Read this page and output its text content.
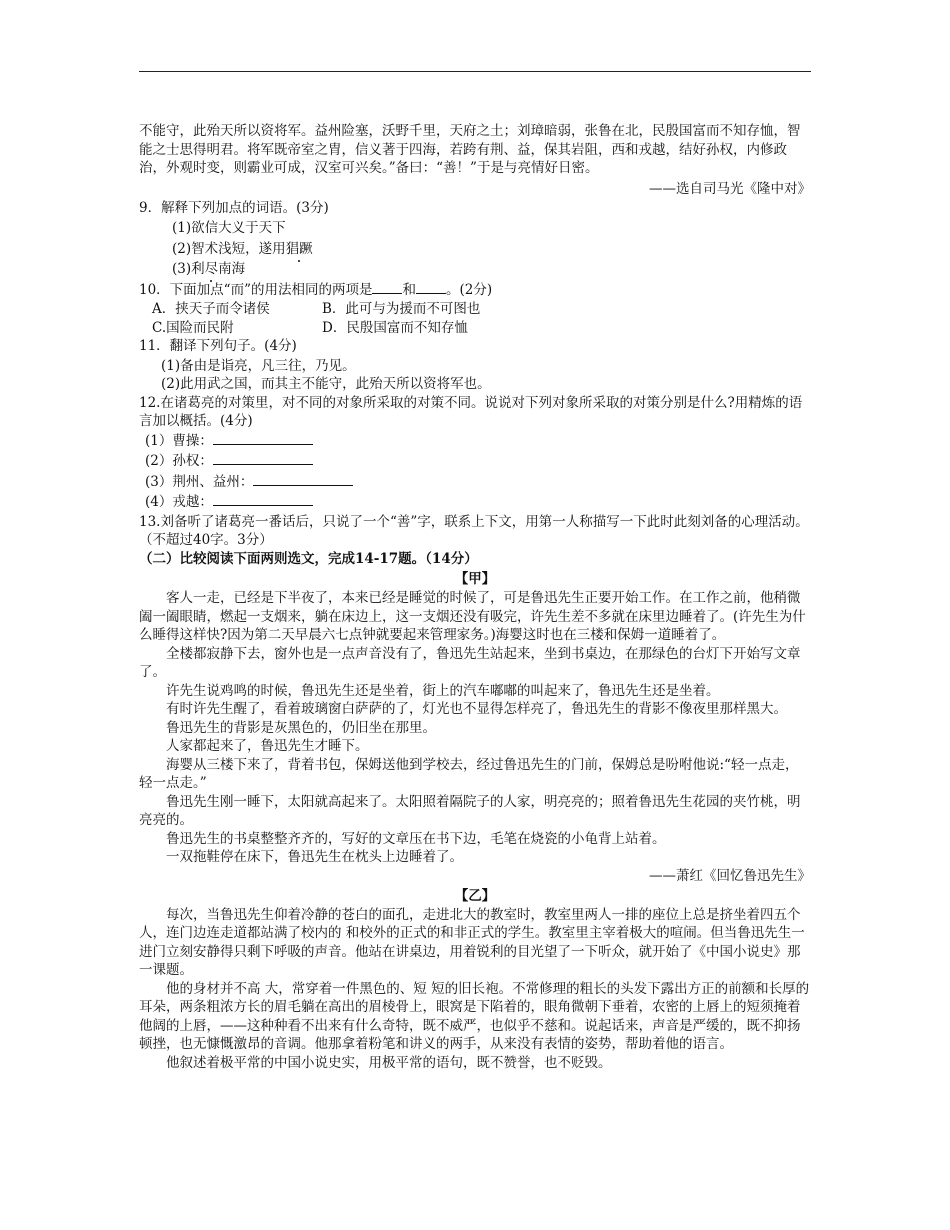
不能守，此殆天所以资将军。益州险塞，沃野千里，天府之土；刘璋暗弱，张鲁在北，民殷国富而不知存恤，智能之士思得明君。将军既帝室之胄，信义著于四海，若跨有荆、益，保其岩阻，西和戎越，结好孙权，内修政治，外观时变，则霸业可成，汉室可兴矣。”备曰：“善！”于是与亮情好日密。

——选自司马光《隆中对》

9．解释下列加点的词语。(3分)

(1)欲信大义于天下

(2)智术浅短，遂用猖蹶

(3)利尽南海

10．下面加点“而”的用法相同的两项是 和 。(2分)

A．挟天子而令诸侯	B．此可与为援而不可图也

C.国险而民附	D．民殷国富而不知存恤

11．翻译下列句子。(4分)

(1)备由是诣亮，凡三往，乃见。

(2)此用武之国，而其主不能守，此殆天所以资将军也。

12.在诸葛亮的对策里，对不同的对象所采取的对策不同。说说对下列对象所采取的对策分别是什么?用精炼的语言加以概括。(4分)

(1）曹操：

(2）孙权：

(3）荆州、益州：

(4）戎越：

13.刘备听了诸葛亮一番话后，只说了一个“善”字，联系上下文，用第一人称描写一下此时此刻刘备的心理活动。（不超过40字。3分）

（二）比较阅读下面两则选文，完成14-17题。（14分）

【甲】

客人一走，已经是下半夜了，本来已经是睡觉的时候了，可是鲁迅先生正要开始工作。在工作之前，他稍微阖一阖眼睛，燃起一支烟来，躺在床边上，这一支烟还没有吸完，许先生差不多就在床里边睡着了。(许先生为什么睡得这样快?因为第二天早晨六七点钟就要起来管理家务。)海婴这时也在三楼和保姆一道睡着了。

全楼都寂静下去，窗外也是一点声音没有了，鲁迅先生站起来，坐到书桌边，在那绿色的台灯下开始写文章了。

许先生说鸡鸣的时候，鲁迅先生还是坐着，街上的汽车嘟嘟的叫起来了，鲁迅先生还是坐着。

有时许先生醒了，看着玻璃窗白萨萨的了，灯光也不显得怎样亮了，鲁迅先生的背影不像夜里那样黑大。

鲁迅先生的背影是灰黑色的，仍旧坐在那里。

人家都起来了，鲁迅先生才睡下。

海婴从三楼下来了，背着书包，保姆送他到学校去，经过鲁迅先生的门前，保姆总是吩咐他说:“轻一点走，轻一点走。”

鲁迅先生刚一睡下，太阳就高起来了。太阳照着隔院子的人家，明亮亮的；照着鲁迅先生花园的夹竹桃，明亮亮的。

鲁迅先生的书桌整整齐齐的，写好的文章压在书下边，毛笔在烧瓷的小龟背上站着。

一双拖鞋停在床下，鲁迅先生在枕头上边睡着了。

——萧红《回忆鲁迅先生》

【乙】

每次，当鲁迅先生仰着冷静的苍白的面孔，走进北大的教室时，教室里两人一排的座位上总是挤坐着四五个人，连门边连走道都站满了校内的 和校外的正式的和非正式的学生。教室里主宰着极大的喧闹。但当鲁迅先生一进门立刻安静得只剩下呼吸的声音。他站在讲桌边，用着锐利的目光望了一下听众，就开始了《中国小说史》那一课题。

他的身材并不高 大，常穿着一件黑色的、短 短的旧长袍。不常修理的粗长的头发下露出方正的前额和长厚的耳朵，两条粗浓方长的眉毛躺在高出的眉棱骨上，眼窝是下陷着的，眼角微朝下垂着，农密的上唇上的短须掩着他阔的上唇，——这种种看不出来有什么奇特，既不威严，也似乎不慈和。说起话来，声音是严缓的，既不抑扬顿挫，也无慷慨激昂的音调。他那拿着粉笔和讲义的两手，从来没有表情的姿势，帮助着他的语言。

他叙述着极平常的中国小说史实，用极平常的语句，既不赞誉，也不贬毁。
